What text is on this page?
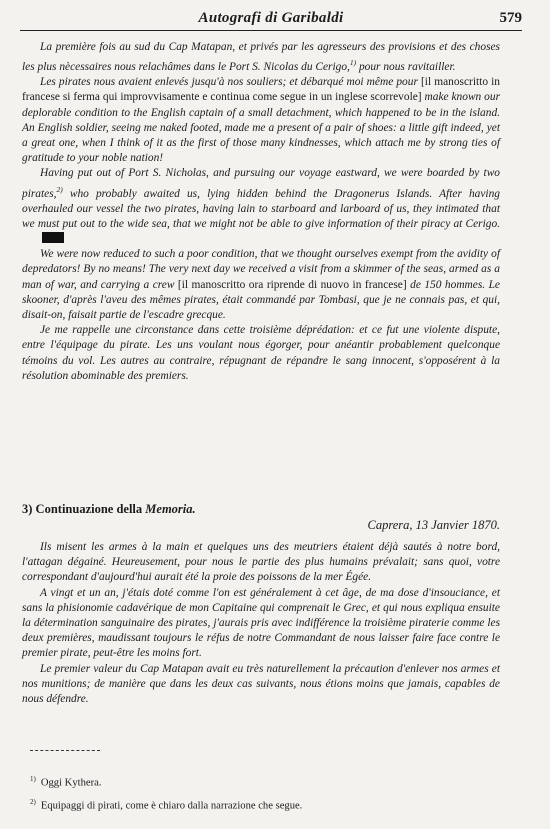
Autografi di Garibaldi	579

La première fois au sud du Cap Matapan, et privés par les agresseurs des provisions et des choses les plus nècessaires nous relachâmes dans le Port S. Nicolas du Cerigo,$^{1)}$ pour nous ravitailler.

Les pirates nous avaient enlevés jusqu'à nos souliers; et débarqué moi même pour [il manoscritto in francese si ferma qui improvvisamente e continua come segue in un inglese scorrevole] make known our deplorable condition to the English captain of a small detachment, which happened to be in the island. An English soldier, seeing me naked footed, made me a present of a pair of shoes: a little gift indeed, yet a great one, when I think of it as the first of those many kindnesses, which attach me by strong ties of gratitude to your noble nation!

Having put out of Port S. Nicholas, and pursuing our voyage eastward, we were boarded by two pirates,$^{2)}$ who probably awaited us, lying hidden behind the Dragonerus Islands. After having overhauled our vessel the two pirates, having lain to starboard and larboard of us, they intimated that we must put out to the wide sea, that we might not be able to give information of their piracy at Cerigo.

We were now reduced to such a poor condition, that we thought ourselves exempt from the avidity of depredators! By no means! The very next day we received a visit from a skimmer of the seas, armed as a man of war, and carrying a crew [il manoscritto ora riprende di nuovo in francese] de 150 hommes. Le skooner, d'après l'aveu des mêmes pirates, était commandé par Tombasi, que je ne connais pas, et qui, disait-on, faisait partie de l'escadre grecque.

Je me rappelle une circonstance dans cette troisième déprédation: et ce fut une violente dispute, entre l'équipage du pirate. Les uns voulant nous égorger, pour anéantir probablement quelconque témoins du vol. Les autres au contraire, répugnant de répandre le sang innocent, s'opposérent à la résolution abominable des premiers.

3) Continuazione della Memoria.
Caprera, 13 Janvier 1870.

Ils misent les armes à la main et quelques uns des meutriers étaient déjà sautés à notre bord, l'attagan dégainé. Heureusement, pour nous le partie des plus humains prévalait; sans quoi, votre correspondant d'aujourd'hui aurait été la proie des poissons de la mer Égée.

A vingt et un an, j'étais doté comme l'on est généralement à cet âge, de ma dose d'insouciance, et sans la phisionomie cadavérique de mon Capitaine qui comprenait le Grec, et qui nous expliqua ensuite la détermination sanguinaire des pirates, j'aurais pris avec indifférence la troisième piraterie comme les deux premières, maudissant toujours le réfus de notre Commandant de nous laisser faire face contre le premier pirate, peut-être les moins fort.

Le premier valeur du Cap Matapan avait eu très naturellement la précaution d'enlever nos armes et nos munitions; de manière que dans les deux cas suivants, nous étions moins que jamais, capables de nous défendre.

$^{1)}$ Oggi Kythera.
$^{2)}$ Equipaggi di pirati, come è chiaro dalla narrazione che segue.
